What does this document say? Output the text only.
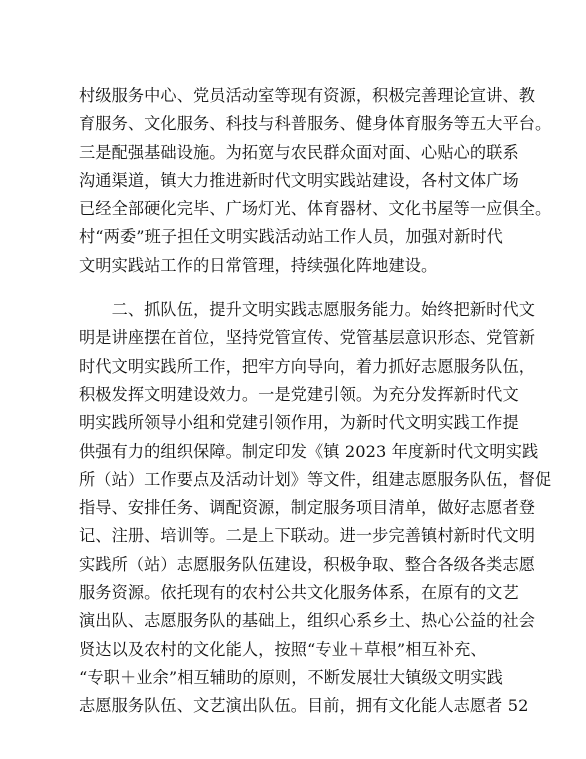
村级服务中心、党员活动室等现有资源，积极完善理论宣讲、教
育服务、文化服务、科技与科普服务、健身体育服务等五大平台。
三是配强基础设施。为拓宽与农民群众面对面、心贴心的联系
沟通渠道，镇大力推进新时代文明实践站建设，各村文体广场
已经全部硬化完毕、广场灯光、体育器材、文化书屋等一应俱全。
村“两委”班子担任文明实践活动站工作人员，加强对新时代
文明实践站工作的日常管理，持续强化阵地建设。
　　二、抓队伍，提升文明实践志愿服务能力。始终把新时代文
明是讲座摆在首位，坚持党管宣传、党管基层意识形态、党管新
时代文明实践所工作，把牢方向导向，着力抓好志愿服务队伍，
积极发挥文明建设效力。一是党建引领。为充分发挥新时代文
明实践所领导小组和党建引领作用，为新时代文明实践工作提
供强有力的组织保障。制定印发《镇 2023 年度新时代文明实践
所（站）工作要点及活动计划》等文件，组建志愿服务队伍，督促
指导、安排任务、调配资源，制定服务项目清单，做好志愿者登
记、注册、培训等。二是上下联动。进一步完善镇村新时代文明
实践所（站）志愿服务队伍建设，积极争取、整合各级各类志愿
服务资源。依托现有的农村公共文化服务体系，在原有的文艺
演出队、志愿服务队的基础上，组织心系乡土、热心公益的社会
贤达以及农村的文化能人，按照“专业＋草根”相互补充、
“专职＋业余”相互辅助的原则，不断发展壮大镇级文明实践
志愿服务队伍、文艺演出队伍。目前，拥有文化能人志愿者 52
